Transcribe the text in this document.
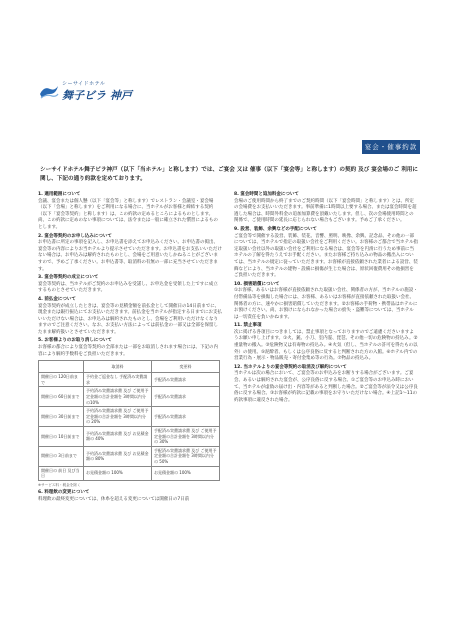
シーサイドホテル
舞子ビラ 神戸
宴会・催事約款
シーサイドホテル舞子ビラ神戸（以下「当ホテル」と称します）では、ご宴会 又は 催事（以下「宴会等」と称します）の契約 及び 宴会場のご 利用に関し、下記の通り約款を定めております。
1. 適用範囲について
会議、宴会または個人懸（以下「宴会等」と称します）でレストラン・会議室・宴会場（以下「会場」と称します）をご利用になる場合に、当ホテルがお客様と締結する契約（以下「宴会等契約」と称します）は、この約款の定めるところによるものとします。尚、この約款に定めのない事項については、法令または一般に確立された慣習によるものとします。
2. 宴会等契約のお申し込みについて
お申込書に所定の事項を記入し、お申込書を添えてお申込みください。お申込書の掲出、宴会等の内容によりお当ホテルより提示させていただきます。お申込書をお支払いいただけない場合は、お申込みは解約されたものとし、会場をご用意いたしかねることがございますので、予めご了承ください。お申込書等、取消料の有無の一部に充当させていただきます。
3. 宴会等契約の成立について
宴会等契約は、当ホテルがご契約のお申込みを受諾し、お申込金を受領した上ですに成立するものとさせていただきます。
4. 前払金について
宴会等契約が成立したときは、宴会等の見積金額を前払金として開催日の14日前までに、現金または銀行振込にてお支払いただきます。前払金を当ホテルが指定する日までにお支払いいただけない場合は、お申込みは解約されたものとし、会場をご利用いただけなくなりますのでご注意ください。なお、お支払い方法によっては前払金の一部又は全部を保留したまま解約扱いとさせていただきます。
5. お客様よりのお取り消しについて
お客様の都合により宴会等契約の全部または一部をお取消しされます場合には、下記の内容により解約手数料をご負担いただきます。
	取消料	変更料
開催日の 120日前まで	予約金ご返金なし 手配済み実費請求	手配済み実費請求
開催日の 60日前まで	予約済み実費請求費 及び ご使用予定金額の合計金額を 3時間以内分の10%	手配済み実費請求
開催日の 30日前まで	予約済み実費請求費 及び ご使用予定金額の合計金額を 3時間以内分の 20%	手配済み実費請求
開催日の 10日前まで	予約済み実費請求費 及び お見積金額の 40%	手配済み実費請求費 及び ご使用予定金額の合計金額を 3時間以内分の 30%
開催日の 3日前まで	予約済み実費請求費 及び お見積金額の 80%	手配済み実費請求費 及び ご使用予定金額の合計金額を 3時間以内分の 50%
開催日の 前日 及び当日	お見積金額の 100%	お見積金額の 100%
※サービス料・税金を除く
6. 料理飲の変更について
料理飲の最終変更については、休糸を超える変更については開催日の7日前
8. 宴会時間と追加料金について
会場のご使用時間から終了までのご契約時間（以下「宴会時間」と称します）とは、所定の会場費をお支払いいただきます。事前準備に1時間以上要する場合、または宴会時間を超過した場合は、時間外料金の追加加算費を頂戴いたします。但し、次の会場使用時間との関係で、ご使用時間の延長に応じられない場合もございます。予めご了承ください。
9. 設営、装飾、余興などの手配について
ご宴会等で開催する設営、装飾、装花、音響、照明、映像、余興、記念品、その他の一部については、当ホテルで指定の取扱い会社をご利用ください。お客様のご都合で当ホテル指定取扱い会社以外の取扱い会社をご利用になる場合は、宴会等を円滑に行うため事前に当ホテルの了解を得たうえでお手配ください。またお客様ご持ち込みの物品の搬出入については、当ホテルの規定に従っていただきます。お客様が直接依頼された業者による設営、装飾などにより、当ホテルの建物・設備に損傷が生じた場合は、原状回復費用その他損害をご負担いただきます。
10. 損害賠償について
①お客様、あるいはお客様が直接依頼された取扱い会社、関係者の方が、当ホテルの施設・付帯備品等を損傷した場合には、お客様、あるいはお客様が直接依頼された取扱い会社、関係者の方に、速やかに損害賠償していただきます。②お客様の手荷物・携帯品はホテルにお預けください。尚、お預けになられなかった場合の紛失・盗難等については、当ホテルは一切責任を負いかねます。
11. 禁止事項
次に掲げる各項目につきましては、禁止事項となっておりますのでご遠慮くださいますようお願い申し上げます。①火、銃、小刀、室内霊、琵琶、その他一切の危険物の持込み。②重量物の搬入。③危険物又は有毒物の持込み。④火気（但し、当ホテルの許可を得たもの以外）の使用。⑤泥酔者、もしくは公序良俗に反すると判断された方の入館。⑥ホテル内での営業行為・展示・物品販売・寄付金集め等の行為。⑦物品の持込み。
12. 当ホテルよりの宴会等契約の取消及び解約について
当ホテルは次の場合において、ご宴会等のお申込みをお断りする場合がございます。ご宴会、あるいは解約された宴会が、公序良俗に反する場合。①ご宴会等のお申込み時において、当ホテルが虚偽の届け出・内容等があると判断した場合。②ご宴会等が法令又は公序良俗に反する場合。③お客様が約款に記載の事項をお守りいただけない場合。④上記1〜11の約款事項に違反された場合。
